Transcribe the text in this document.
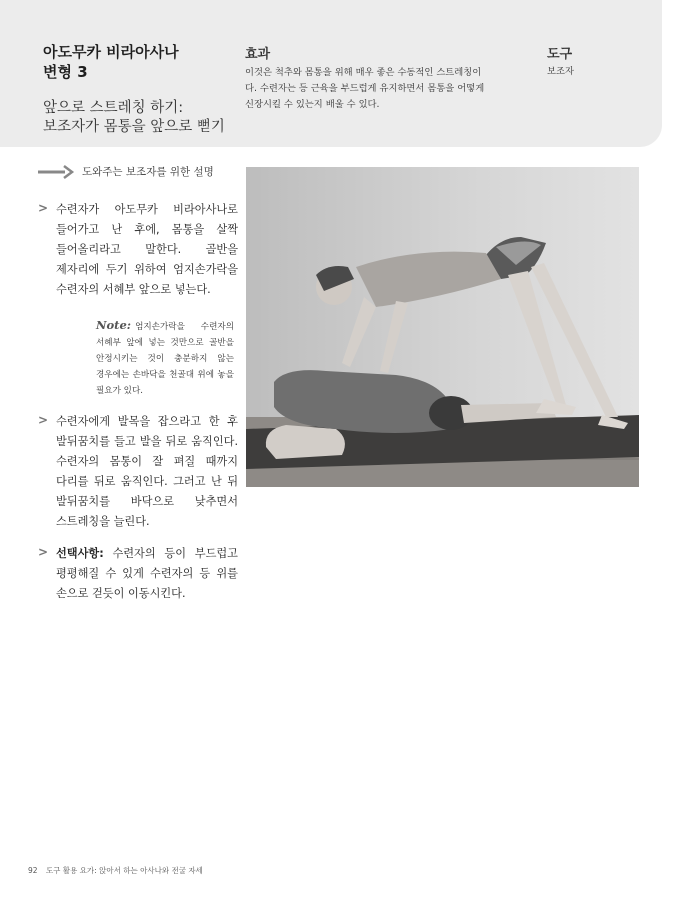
아도무카 비라아사나
변형 3
앞으로 스트레칭 하기:
보조자가 몸통을 앞으로 뻗기
효과
이것은 척추와 몸통을 위해 매우 좋은 수동적인 스트레칭이다. 수련자는 등 근육을 부드럽게 유지하면서 몸통을 어떻게 신장시킬 수 있는지 배울 수 있다.
도구
보조자
도와주는 보조자를 위한 설명
> 수련자가 아도무카 비라아사나로 들어가고 난 후에, 몸통을 살짝 들어올리라고 말한다. 골반을 제자리에 두기 위하여 엄지손가락을 수련자의 서혜부 앞으로 넣는다.
Note: 엄지손가락을 수련자의 서혜부 앞에 넣는 것만으로 골반을 안정시키는 것이 충분하지 않는 경우에는 손바닥을 천골대 위에 놓을 필요가 있다.
> 수련자에게 발목을 잡으라고 한 후 발뒤꿈치를 들고 발을 뒤로 움직인다. 수련자의 몸통이 잘 펴질 때까지 다리를 뒤로 움직인다. 그러고 난 뒤 발뒤꿈치를 바닥으로 낮추면서 스트레칭을 늘린다.
> 선택사항: 수련자의 등이 부드럽고 평평해질 수 있게 수련자의 등 위를 손으로 걷듯이 이동시킨다.
92 도구 활용 요가: 앉아서 하는 아사나와 전굴 자세
